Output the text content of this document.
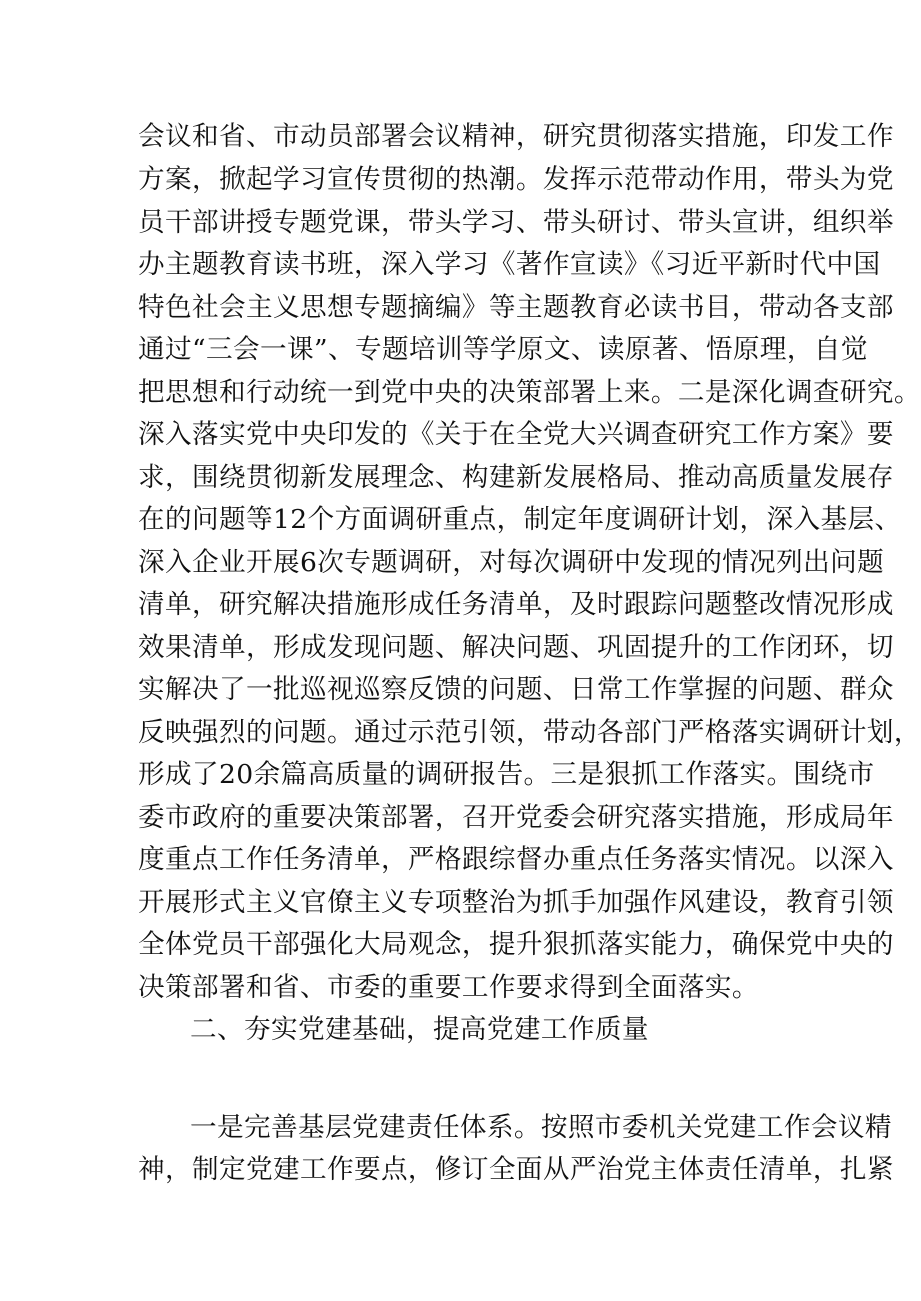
会议和省、市动员部署会议精神，研究贯彻落实措施，印发工作
方案，掀起学习宣传贯彻的热潮。发挥示范带动作用，带头为党
员干部讲授专题党课，带头学习、带头研讨、带头宣讲，组织举
办主题教育读书班，深入学习《著作宣读》《习近平新时代中国
特色社会主义思想专题摘编》等主题教育必读书目，带动各支部
通过“三会一课”、专题培训等学原文、读原著、悟原理，自觉
把思想和行动统一到党中央的决策部署上来。二是深化调查研究。
深入落实党中央印发的《关于在全党大兴调查研究工作方案》要
求，围绕贯彻新发展理念、构建新发展格局、推动高质量发展存
在的问题等12个方面调研重点，制定年度调研计划，深入基层、
深入企业开展6次专题调研，对每次调研中发现的情况列出问题
清单，研究解决措施形成任务清单，及时跟踪问题整改情况形成
效果清单，形成发现问题、解决问题、巩固提升的工作闭环，切
实解决了一批巡视巡察反馈的问题、日常工作掌握的问题、群众
反映强烈的问题。通过示范引领，带动各部门严格落实调研计划，
形成了20余篇高质量的调研报告。三是狠抓工作落实。围绕市
委市政府的重要决策部署，召开党委会研究落实措施，形成局年
度重点工作任务清单，严格跟综督办重点任务落实情况。以深入
开展形式主义官僚主义专项整治为抓手加强作风建设，教育引领
全体党员干部强化大局观念，提升狠抓落实能力，确保党中央的
决策部署和省、市委的重要工作要求得到全面落实。
二、夯实党建基础，提高党建工作质量
一是完善基层党建责任体系。按照市委机关党建工作会议精
神，制定党建工作要点，修订全面从严治党主体责任清单，扎紧
